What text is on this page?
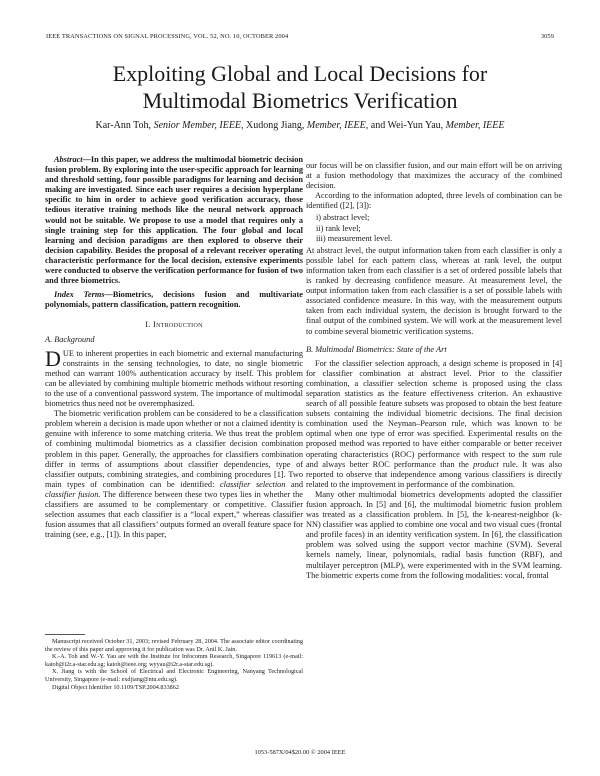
IEEE TRANSACTIONS ON SIGNAL PROCESSING, VOL. 52, NO. 10, OCTOBER 2004	3059
Exploiting Global and Local Decisions for
Multimodal Biometrics Verification
Kar-Ann Toh, Senior Member, IEEE, Xudong Jiang, Member, IEEE, and Wei-Yun Yau, Member, IEEE

Abstract—In this paper, we address the multimodal biometric decision fusion problem. By exploring into the user-specific approach for learning and threshold setting, four possible paradigms for learning and decision making are investigated. Since each user requires a decision hyperplane specific to him in order to achieve good verification accuracy, those tedious iterative training methods like the neural network approach would not be suitable. We propose to use a model that requires only a single training step for this application. The four global and local learning and decision paradigms are then explored to observe their decision capability. Besides the proposal of a relevant receiver operating characteristic performance for the local decision, extensive experiments were conducted to observe the verification performance for fusion of two and three biometrics.

Index Terms—Biometrics, decisions fusion and multivariate polynomials, pattern classification, pattern recognition.

I. Introduction
A. Background

DUE to inherent properties in each biometric and external manufacturing constraints in the sensing technologies, to date, no single biometric method can warrant 100% authentication accuracy by itself. This problem can be alleviated by combining multiple biometric methods without resorting to the use of a conventional password system. The importance of multimodal biometrics thus need not be overemphasized.

The biometric verification problem can be considered to be a classification problem wherein a decision is made upon whether or not a claimed identity is genuine with inference to some matching criteria. We thus treat the problem of combining multimodal biometrics as a classifier decision combination problem in this paper. Generally, the approaches for classifiers combination differ in terms of assumptions about classifier dependencies, type of classifier outputs, combining strategies, and combining procedures [1]. Two main types of combination can be identified: classifier selection and classifier fusion. The difference between these two types lies in whether the classifiers are assumed to be complementary or competitive. Classifier selection assumes that each classifier is a “local expert,” whereas classifier fusion assumes that all classifiers’ outputs formed an overall feature space for training (see, e.g., [1]). In this paper,

our focus will be on classifier fusion, and our main effort will be on arriving at a fusion methodology that maximizes the accuracy of the combined decision.

According to the information adopted, three levels of combination can be identified ([2], [3]):

i) abstract level;
ii) rank level;
iii) measurement level.

At abstract level, the output information taken from each classifier is only a possible label for each pattern class, whereas at rank level, the output information taken from each classifier is a set of ordered possible labels that is ranked by decreasing confidence measure. At measurement level, the output information taken from each classifier is a set of possible labels with associated confidence measure. In this way, with the measurement outputs taken from each individual system, the decision is brought forward to the final output of the combined system. We will work at the measurement level to combine several biometric verification systems.

B. Multimodal Biometrics: State of the Art

For the classifier selection approach, a design scheme is proposed in [4] for classifier combination at abstract level. Prior to the classifier combination, a classifier selection scheme is proposed using the class separation statistics as the feature effectiveness criterion. An exhaustive search of all possible feature subsets was proposed to obtain the best feature subsets containing the individual biometric decisions. The final decision combination used the Neyman–Pearson rule, which was known to be optimal when one type of error was specified. Experimental results on the proposed method was reported to have either comparable or better receiver operating characteristics (ROC) performance with respect to the sum rule and always better ROC performance than the product rule. It was also reported to observe that independence among various classifiers is directly related to the improvement in performance of the combination.

Many other multimodal biometrics developments adopted the classifier fusion approach. In [5] and [6], the multimodal biometric fusion problem was treated as a classification problem. In [5], the k-nearest-neighbor (k-NN) classifier was applied to combine one vocal and two visual cues (frontal and profile faces) in an identity verification system. In [6], the classification problem was solved using the support vector machine (SVM). Several kernels namely, linear, polynomials, radial basis function (RBF), and multilayer perceptron (MLP), were experimented with in the SVM learning. The biometric experts come from the following modalities: vocal, frontal

Manuscript received October 31, 2003; revised February 28, 2004. The associate editor coordinating the review of this paper and approving it for publication was Dr. Anil K. Jain.

K.-A. Toh and W.-Y. Yau are with the Institute for Infocomm Research, Singapore 119613 (e-mail: katoh@i2r.a-star.edu.sg; katoh@ieee.org; wyyau@i2r.a-star.edu.sg).

X. Jiang is with the School of Electrical and Electronic Engineering, Nanyang Technological University, Singapore (e-mail: exdjiang@ntu.edu.sg).

Digital Object Identifier 10.1109/TSP.2004.833862

1053-587X/04$20.00 © 2004 IEEE
